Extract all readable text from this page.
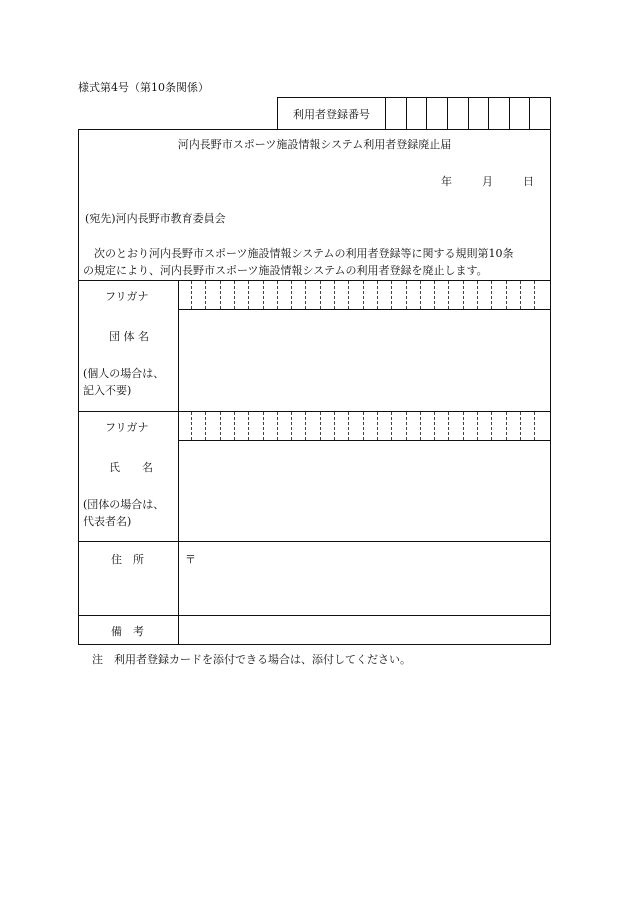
様式第4号（第10条関係）
利用者登録番号
河内長野市スポーツ施設情報システム利用者登録廃止届
年	月	日
(宛先)河内長野市教育委員会
次のとおり河内長野市スポーツ施設情報システムの利用者登録等に関する規則第10条
の規定により、河内長野市スポーツ施設情報システムの利用者登録を廃止します。
フリガナ
団 体 名
(個人の場合は、
記入不要)
フリガナ
氏　　名
(団体の場合は、
代表者名)
住　所	〒
備　考
注　利用者登録カードを添付できる場合は、添付してください。
